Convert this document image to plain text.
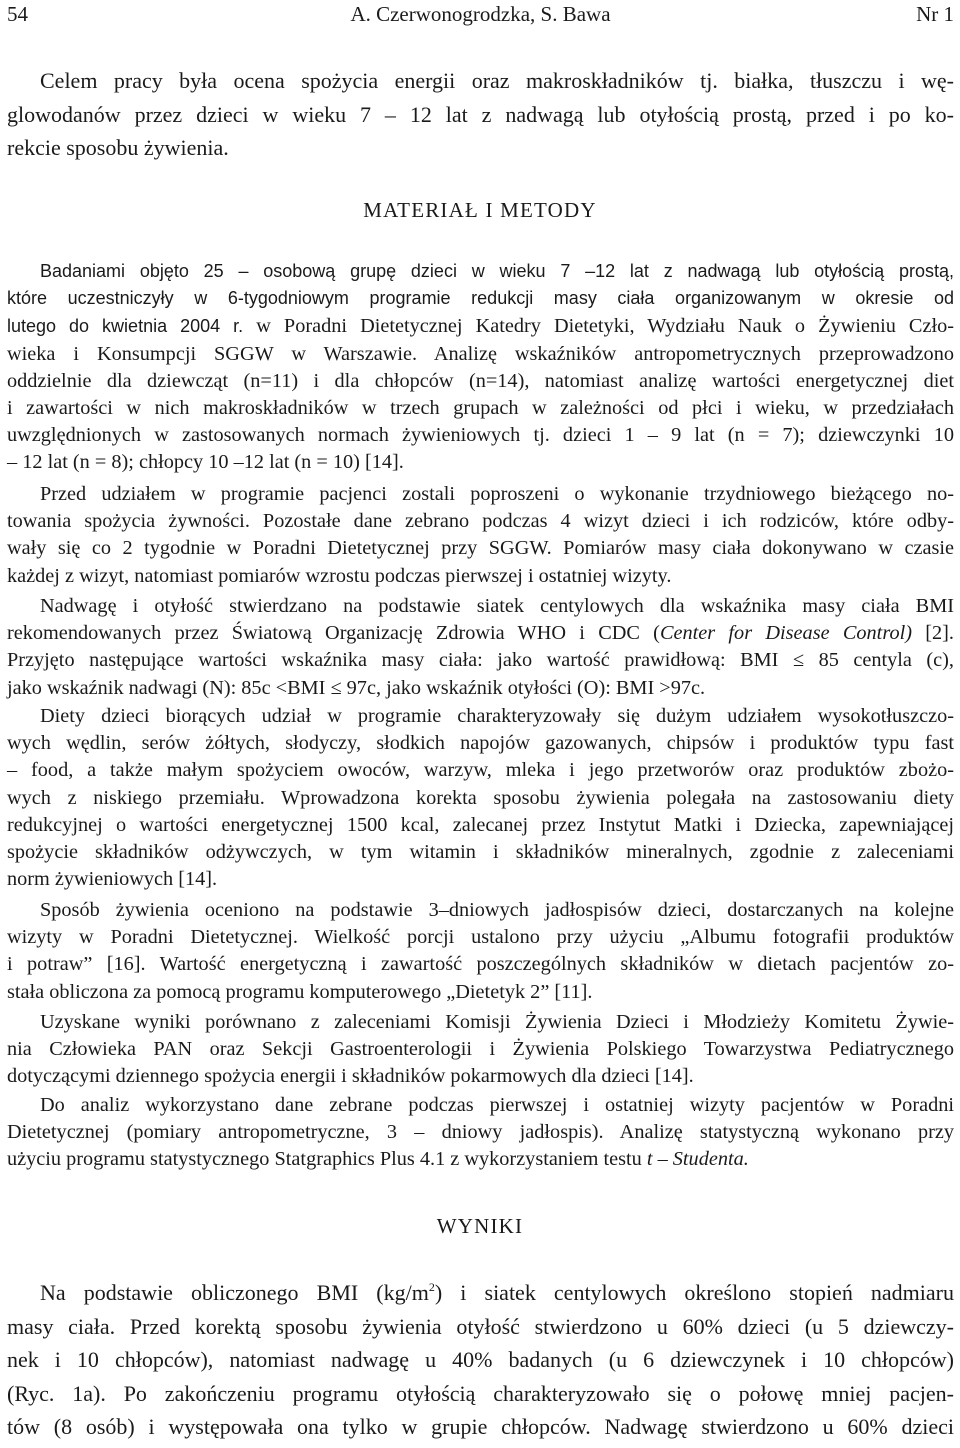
54	A. Czerwonogrodzka, S. Bawa	Nr 1
Celem pracy była ocena spożycia energii oraz makroskładników tj. białka, tłuszczu i wę-
glowodanów przez dzieci w wieku 7 – 12 lat z nadwagą lub otyłością prostą, przed i po ko-
rekcie sposobu żywienia.
MATERIAŁ I METODY
Badaniami objęto 25 – osobową grupę dzieci w wieku 7 –12 lat z nadwagą lub otyłością prostą,
które uczestniczyły w 6-tygodniowym programie redukcji masy ciała organizowanym w okresie od
lutego do kwietnia 2004 r. w Poradni Dietetycznej Katedry Dietetyki, Wydziału Nauk o Żywieniu Czło-
wieka i Konsumpcji SGGW w Warszawie. Analizę wskaźników antropometrycznych przeprowadzono
oddzielnie dla dziewcząt (n=11) i dla chłopców (n=14), natomiast analizę wartości energetycznej diet
i zawartości w nich makroskładników w trzech grupach w zależności od płci i wieku, w przedziałach
uwzględnionych w zastosowanych normach żywieniowych tj. dzieci 1 – 9 lat (n = 7); dziewczynki 10
– 12 lat (n = 8); chłopcy 10 –12 lat (n = 10) [14].
Przed udziałem w programie pacjenci zostali poproszeni o wykonanie trzydniowego bieżącego no-
towania spożycia żywności. Pozostałe dane zebrano podczas 4 wizyt dzieci i ich rodziców, które odby-
wały się co 2 tygodnie w Poradni Dietetycznej przy SGGW. Pomiarów masy ciała dokonywano w czasie
każdej z wizyt, natomiast pomiarów wzrostu podczas pierwszej i ostatniej wizyty.
Nadwagę i otyłość stwierdzano na podstawie siatek centylowych dla wskaźnika masy ciała BMI
rekomendowanych przez Światową Organizację Zdrowia WHO i CDC (Center for Disease Control) [2].
Przyjęto następujące wartości wskaźnika masy ciała: jako wartość prawidłową: BMI ≤ 85 centyla (c),
jako wskaźnik nadwagi (N): 85c <BMI ≤ 97c, jako wskaźnik otyłości (O): BMI >97c.
Diety dzieci biorących udział w programie charakteryzowały się dużym udziałem wysokotłuszczo-
wych wędlin, serów żółtych, słodyczy, słodkich napojów gazowanych, chipsów i produktów typu fast
– food, a także małym spożyciem owoców, warzyw, mleka i jego przetworów oraz produktów zbożo-
wych z niskiego przemiału. Wprowadzona korekta sposobu żywienia polegała na zastosowaniu diety
redukcyjnej o wartości energetycznej 1500 kcal, zalecanej przez Instytut Matki i Dziecka, zapewniającej
spożycie składników odżywczych, w tym witamin i składników mineralnych, zgodnie z zaleceniami
norm żywieniowych [14].
Sposób żywienia oceniono na podstawie 3–dniowych jadłospisów dzieci, dostarczanych na kolejne
wizyty w Poradni Dietetycznej. Wielkość porcji ustalono przy użyciu „Albumu fotografii produktów
i potraw” [16]. Wartość energetyczną i zawartość poszczególnych składników w dietach pacjentów zo-
stała obliczona za pomocą programu komputerowego „Dietetyk 2” [11].
Uzyskane wyniki porównano z zaleceniami Komisji Żywienia Dzieci i Młodzieży Komitetu Żywie-
nia Człowieka PAN oraz Sekcji Gastroenterologii i Żywienia Polskiego Towarzystwa Pediatrycznego
dotyczącymi dziennego spożycia energii i składników pokarmowych dla dzieci [14].
Do analiz wykorzystano dane zebrane podczas pierwszej i ostatniej wizyty pacjentów w Poradni
Dietetycznej (pomiary antropometryczne, 3 – dniowy jadłospis). Analizę statystyczną wykonano przy
użyciu programu statystycznego Statgraphics Plus 4.1 z wykorzystaniem testu t – Studenta.
WYNIKI
Na podstawie obliczonego BMI $(kg/m^2)$ i siatek centylowych określono stopień nadmiaru
masy ciała. Przed korektą sposobu żywienia otyłość stwierdzono u 60% dzieci (u 5 dziewczy-
nek i 10 chłopców), natomiast nadwagę u 40% badanych (u 6 dziewczynek i 10 chłopców)
(Ryc. 1a). Po zakończeniu programu otyłością charakteryzowało się o połowę mniej pacjen-
tów (8 osób) i występowała ona tylko w grupie chłopców. Nadwagę stwierdzono u 60% dzieci
